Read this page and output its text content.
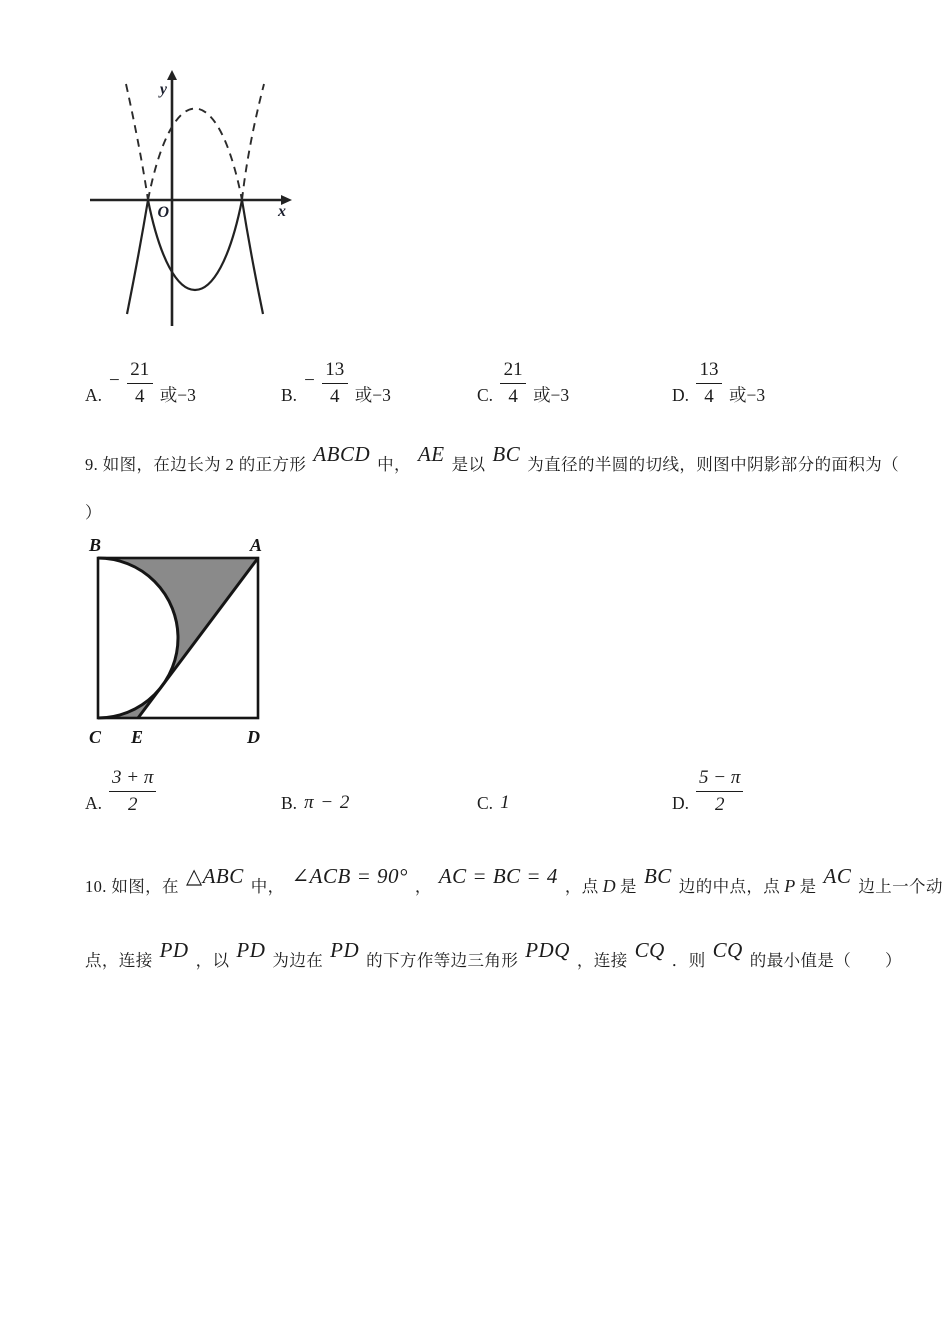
y
x
O
A.
− $\frac{21}{4}$ 或−3	B.
− $\frac{13}{4}$ 或−3	C. $\frac{21}{4}$ 或−3	D. $\frac{13}{4}$ 或−3
9. 如图，在边长为 2 的正方形 ABCD 中， AE 是以 BC 为直径的半圆的切线，则图中阴影部分的面积为（
）
B	A
C E	D
A. $\frac{3 + \pi}{2}$	B. π − 2	C. 1	D. $\frac{5 - \pi}{2}$
10. 如图，在 △ABC 中， ∠ACB = 90° ， AC = BC = 4 ，点 D 是 BC 边的中点，点 P 是 AC 边上一个动
点，连接 PD ，以 PD 为边在 PD 的下方作等边三角形 PDQ ，连接 CQ ．则 CQ 的最小值是（　　）
